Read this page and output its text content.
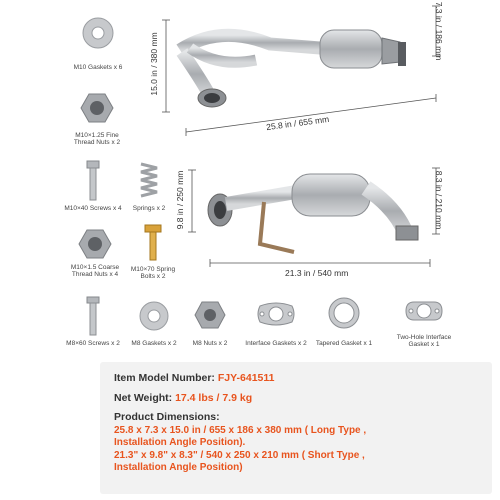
M10 Gaskets x 6
M10×1.25 Fine
Thread Nuts x 2
M10×40 Screws x 4	Springs x 2
M10×1.5 Coarse
Thread Nuts x 4
M10×70 Spring
Bolts x 2
M8×60 Screws x 2	M8 Gaskets x 2	M8 Nuts x 2	Interface Gaskets x 2	Tapered Gasket x 1
Two-Hole Interface
Gasket x 1
15.0 in / 380 mm
7.3 in / 186 mm
25.8 in / 655 mm
9.8 in / 250 mm	8.3 in / 210 mm
21.3 in / 540 mm
Item Model Number: FJY-641511
Net Weight: 17.4 lbs / 7.9 kg
Product Dimensions:
25.8 x 7.3 x 15.0 in / 655 x 186 x 380 mm ( Long Type ,
Installation Angle Position).
21.3" x 9.8" x 8.3" / 540 x 250 x 210 mm ( Short Type ,
Installation Angle Position)
